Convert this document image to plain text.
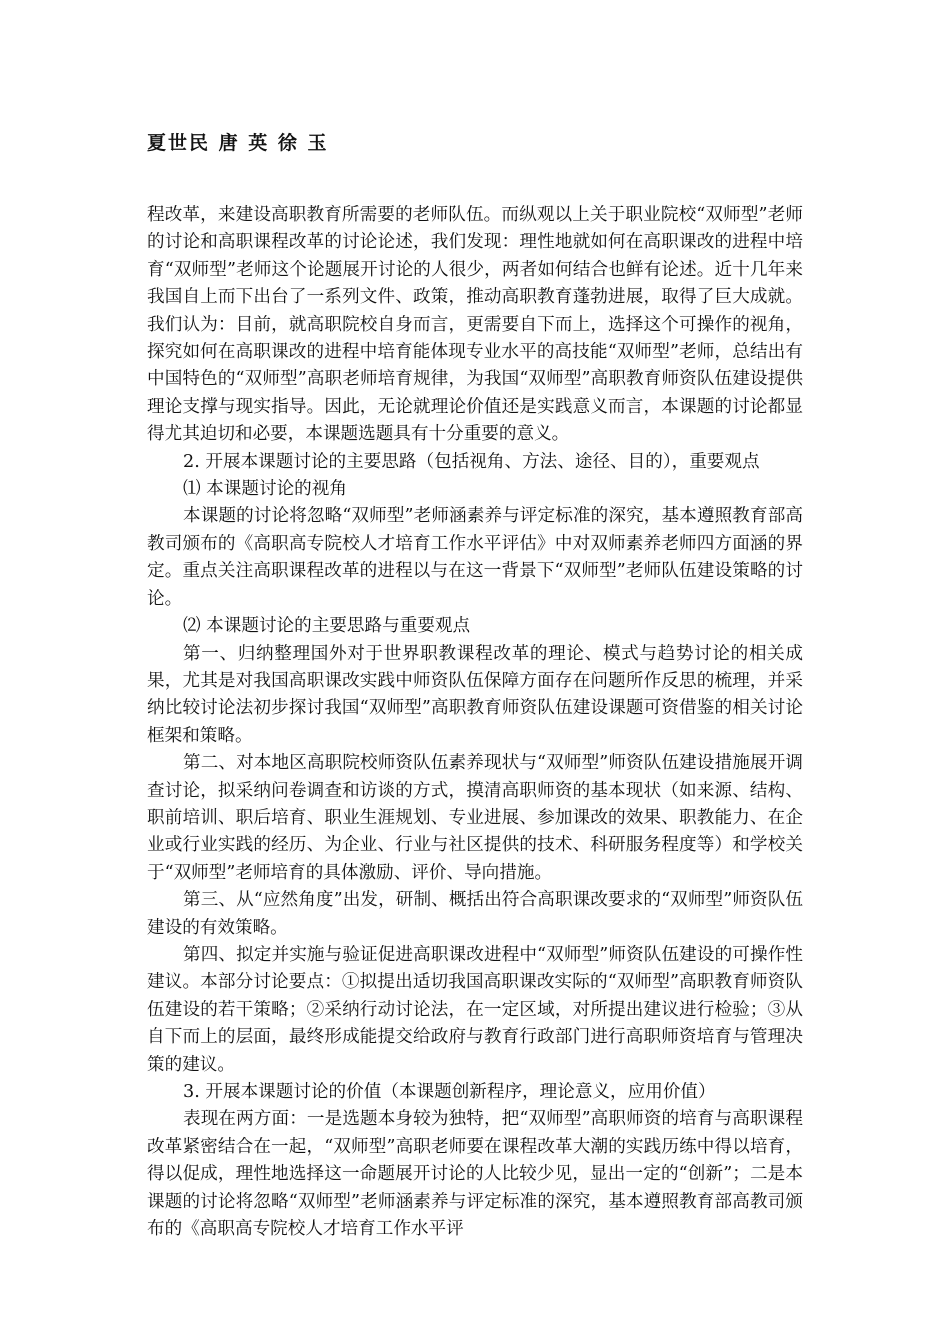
夏世民 唐 英 徐 玉

程改革，来建设高职教育所需要的老师队伍。而纵观以上关于职业院校“双师型”老师的讨论和高职课程改革的讨论论述，我们发现：理性地就如何在高职课改的进程中培育“双师型”老师这个论题展开讨论的人很少，两者如何结合也鲜有论述。近十几年来我国自上而下出台了一系列文件、政策，推动高职教育蓬勃进展，取得了巨大成就。我们认为：目前，就高职院校自身而言，更需要自下而上，选择这个可操作的视角，探究如何在高职课改的进程中培育能体现专业水平的高技能“双师型”老师，总结出有中国特色的“双师型”高职老师培育规律，为我国“双师型”高职教育师资队伍建设提供理论支撑与现实指导。因此，无论就理论价值还是实践意义而言，本课题的讨论都显得尤其迫切和必要，本课题选题具有十分重要的意义。

2. 开展本课题讨论的主要思路（包括视角、方法、途径、目的），重要观点

⑴ 本课题讨论的视角

本课题的讨论将忽略“双师型”老师涵素养与评定标准的深究，基本遵照教育部高教司颁布的《高职高专院校人才培育工作水平评估》中对双师素养老师四方面涵的界定。重点关注高职课程改革的进程以与在这一背景下“双师型”老师队伍建设策略的讨论。

⑵ 本课题讨论的主要思路与重要观点

第一、归纳整理国外对于世界职教课程改革的理论、模式与趋势讨论的相关成果，尤其是对我国高职课改实践中师资队伍保障方面存在问题所作反思的梳理，并采纳比较讨论法初步探讨我国“双师型”高职教育师资队伍建设课题可资借鉴的相关讨论框架和策略。

第二、对本地区高职院校师资队伍素养现状与“双师型”师资队伍建设措施展开调查讨论，拟采纳问卷调查和访谈的方式，摸清高职师资的基本现状（如来源、结构、职前培训、职后培育、职业生涯规划、专业进展、参加课改的效果、职教能力、在企业或行业实践的经历、为企业、行业与社区提供的技术、科研服务程度等）和学校关于“双师型”老师培育的具体激励、评价、导向措施。

第三、从“应然角度”出发，研制、概括出符合高职课改要求的“双师型”师资队伍建设的有效策略。

第四、拟定并实施与验证促进高职课改进程中“双师型”师资队伍建设的可操作性建议。本部分讨论要点：①拟提出适切我国高职课改实际的“双师型”高职教育师资队伍建设的若干策略；②采纳行动讨论法，在一定区域，对所提出建议进行检验；③从自下而上的层面，最终形成能提交给政府与教育行政部门进行高职师资培育与管理决策的建议。

3. 开展本课题讨论的价值（本课题创新程序，理论意义，应用价值）

表现在两方面：一是选题本身较为独特，把“双师型”高职师资的培育与高职课程改革紧密结合在一起，“双师型”高职老师要在课程改革大潮的实践历练中得以培育，得以促成，理性地选择这一命题展开讨论的人比较少见，显出一定的“创新”；二是本课题的讨论将忽略“双师型”老师涵素养与评定标准的深究，基本遵照教育部高教司颁布的《高职高专院校人才培育工作水平评
